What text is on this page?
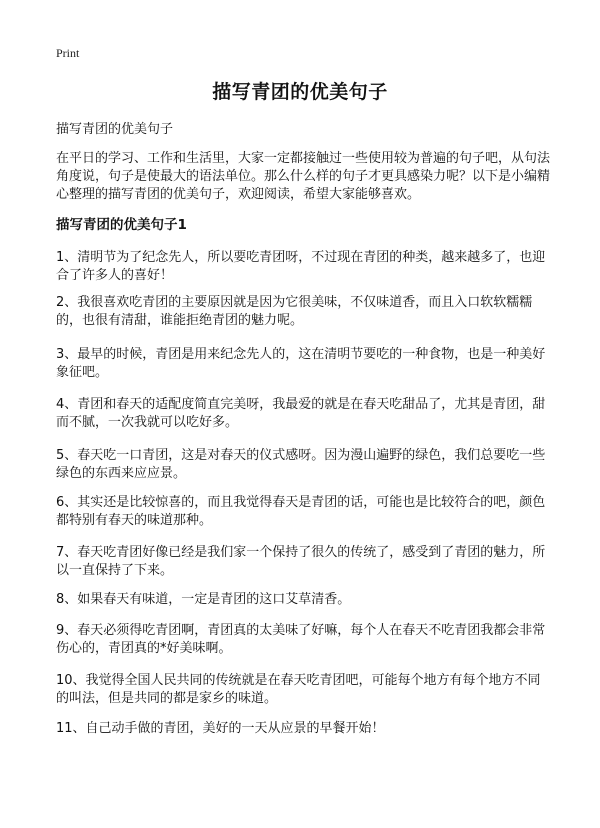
Print
描写青团的优美句子
描写青团的优美句子

在平日的学习、工作和生活里，大家一定都接触过一些使用较为普遍的句子吧，从句法角度说，句子是使最大的语法单位。那么什么样的句子才更具感染力呢？以下是小编精心整理的描写青团的优美句子，欢迎阅读，希望大家能够喜欢。

描写青团的优美句子1

1、清明节为了纪念先人，所以要吃青团呀，不过现在青团的种类，越来越多了，也迎合了许多人的喜好！

2、我很喜欢吃青团的主要原因就是因为它很美味，不仅味道香，而且入口软软糯糯的，也很有清甜，谁能拒绝青团的魅力呢。

3、最早的时候，青团是用来纪念先人的，这在清明节要吃的一种食物，也是一种美好象征吧。

4、青团和春天的适配度简直完美呀，我最爱的就是在春天吃甜品了，尤其是青团，甜而不腻，一次我就可以吃好多。

5、春天吃一口青团，这是对春天的仪式感呀。因为漫山遍野的绿色，我们总要吃一些绿色的东西来应应景。

6、其实还是比较惊喜的，而且我觉得春天是青团的话，可能也是比较符合的吧，颜色都特别有春天的味道那种。

7、春天吃青团好像已经是我们家一个保持了很久的传统了，感受到了青团的魅力，所以一直保持了下来。

8、如果春天有味道，一定是青团的这口艾草清香。

9、春天必须得吃青团啊，青团真的太美味了好嘛，每个人在春天不吃青团我都会非常伤心的，青团真的*好美味啊。

10、我觉得全国人民共同的传统就是在春天吃青团吧，可能每个地方有每个地方不同的叫法，但是共同的都是家乡的味道。

11、自己动手做的青团，美好的一天从应景的早餐开始！
